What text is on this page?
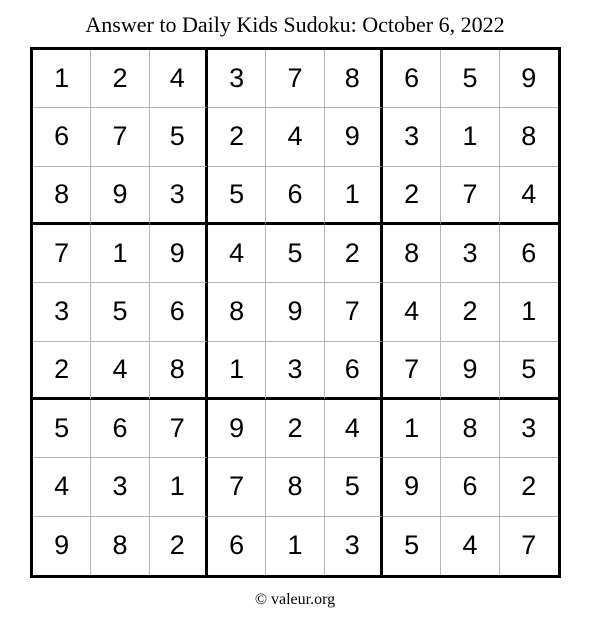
Answer to Daily Kids Sudoku: October 6, 2022
1	2	4	3	7	8	6	5	9
6	7	5	2	4	9	3	1	8
8	9	3	5	6	1	2	7	4
7	1	9	4	5	2	8	3	6
3	5	6	8	9	7	4	2	1
2	4	8	1	3	6	7	9	5
5	6	7	9	2	4	1	8	3
4	3	1	7	8	5	9	6	2
9	8	2	6	1	3	5	4	7
© valeur.org
